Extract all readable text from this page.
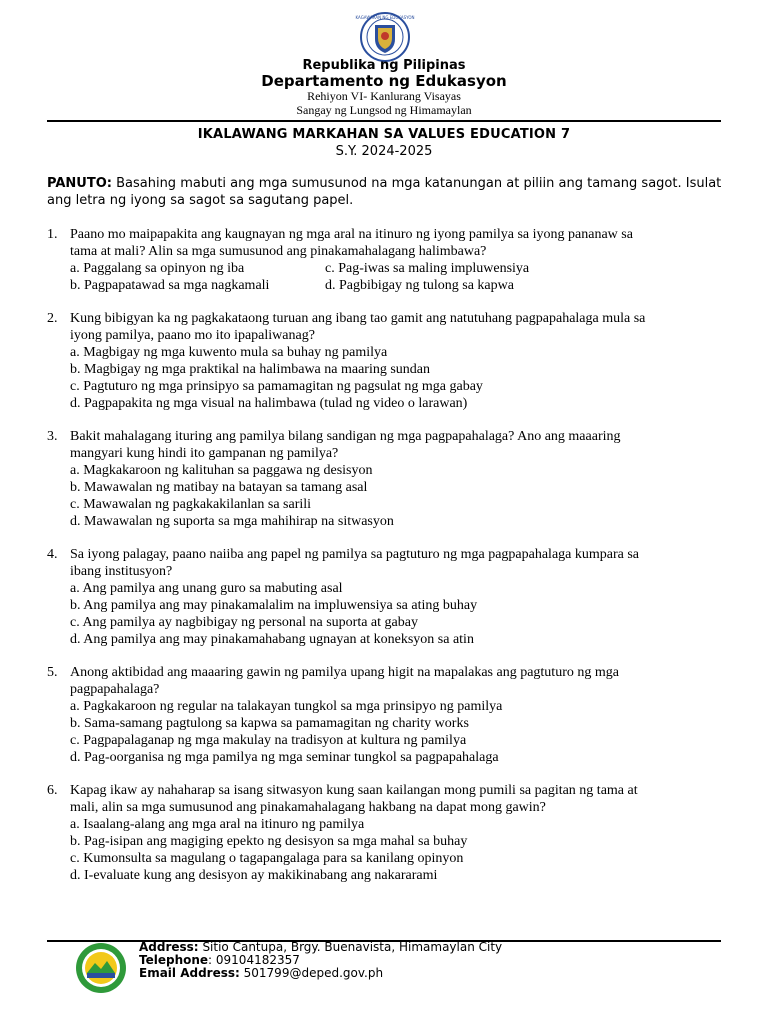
KAGAWARAN NG EDUKASYON
Republika ng Pilipinas
Departamento ng Edukasyon
Rehiyon VI- Kanlurang Visayas
Sangay ng Lungsod ng Himamaylan
IKALAWANG MARKAHAN SA VALUES EDUCATION 7
S.Y. 2024-2025
PANUTO: Basahing mabuti ang mga sumusunod na mga katanungan at piliin ang tamang sagot. Isulat ang letra ng iyong sa sagot sa sagutang papel.
1. Paano mo maipapakita ang kaugnayan ng mga aral na itinuro ng iyong pamilya sa iyong pananaw sa
tama at mali? Alin sa mga sumusunod ang pinakamahalagang halimbawa?
a. Paggalang sa opinyon ng iba	c. Pag-iwas sa maling impluwensiya
b. Pagpapatawad sa mga nagkamali	d. Pagbibigay ng tulong sa kapwa
2. Kung bibigyan ka ng pagkakataong turuan ang ibang tao gamit ang natutuhang pagpapahalaga mula sa
iyong pamilya, paano mo ito ipapaliwanag?
a. Magbigay ng mga kuwento mula sa buhay ng pamilya
b. Magbigay ng mga praktikal na halimbawa na maaring sundan
c. Pagtuturo ng mga prinsipyo sa pamamagitan ng pagsulat ng mga gabay
d. Pagpapakita ng mga visual na halimbawa (tulad ng video o larawan)
3. Bakit mahalagang ituring ang pamilya bilang sandigan ng mga pagpapahalaga? Ano ang maaaring
mangyari kung hindi ito gampanan ng pamilya?
a. Magkakaroon ng kalituhan sa paggawa ng desisyon
b. Mawawalan ng matibay na batayan sa tamang asal
c. Mawawalan ng pagkakakilanlan sa sarili
d. Mawawalan ng suporta sa mga mahihirap na sitwasyon
4. Sa iyong palagay, paano naiiba ang papel ng pamilya sa pagtuturo ng mga pagpapahalaga kumpara sa
ibang institusyon?
a. Ang pamilya ang unang guro sa mabuting asal
b. Ang pamilya ang may pinakamalalim na impluwensiya sa ating buhay
c. Ang pamilya ay nagbibigay ng personal na suporta at gabay
d. Ang pamilya ang may pinakamahabang ugnayan at koneksyon sa atin
5. Anong aktibidad ang maaaring gawin ng pamilya upang higit na mapalakas ang pagtuturo ng mga
pagpapahalaga?
a. Pagkakaroon ng regular na talakayan tungkol sa mga prinsipyo ng pamilya
b. Sama-samang pagtulong sa kapwa sa pamamagitan ng charity works
c. Pagpapalaganap ng mga makulay na tradisyon at kultura ng pamilya
d. Pag-oorganisa ng mga pamilya ng mga seminar tungkol sa pagpapahalaga
6. Kapag ikaw ay nahaharap sa isang sitwasyon kung saan kailangan mong pumili sa pagitan ng tama at
mali, alin sa mga sumusunod ang pinakamahalagang hakbang na dapat mong gawin?
a. Isaalang-alang ang mga aral na itinuro ng pamilya
b. Pag-isipan ang magiging epekto ng desisyon sa mga mahal sa buhay
c. Kumonsulta sa magulang o tagapangalaga para sa kanilang opinyon
d. I-evaluate kung ang desisyon ay makikinabang ang nakararami
Address: Sitio Cantupa, Brgy. Buenavista, Himamaylan City
Telephone: 09104182357
Email Address: 501799@deped.gov.ph
